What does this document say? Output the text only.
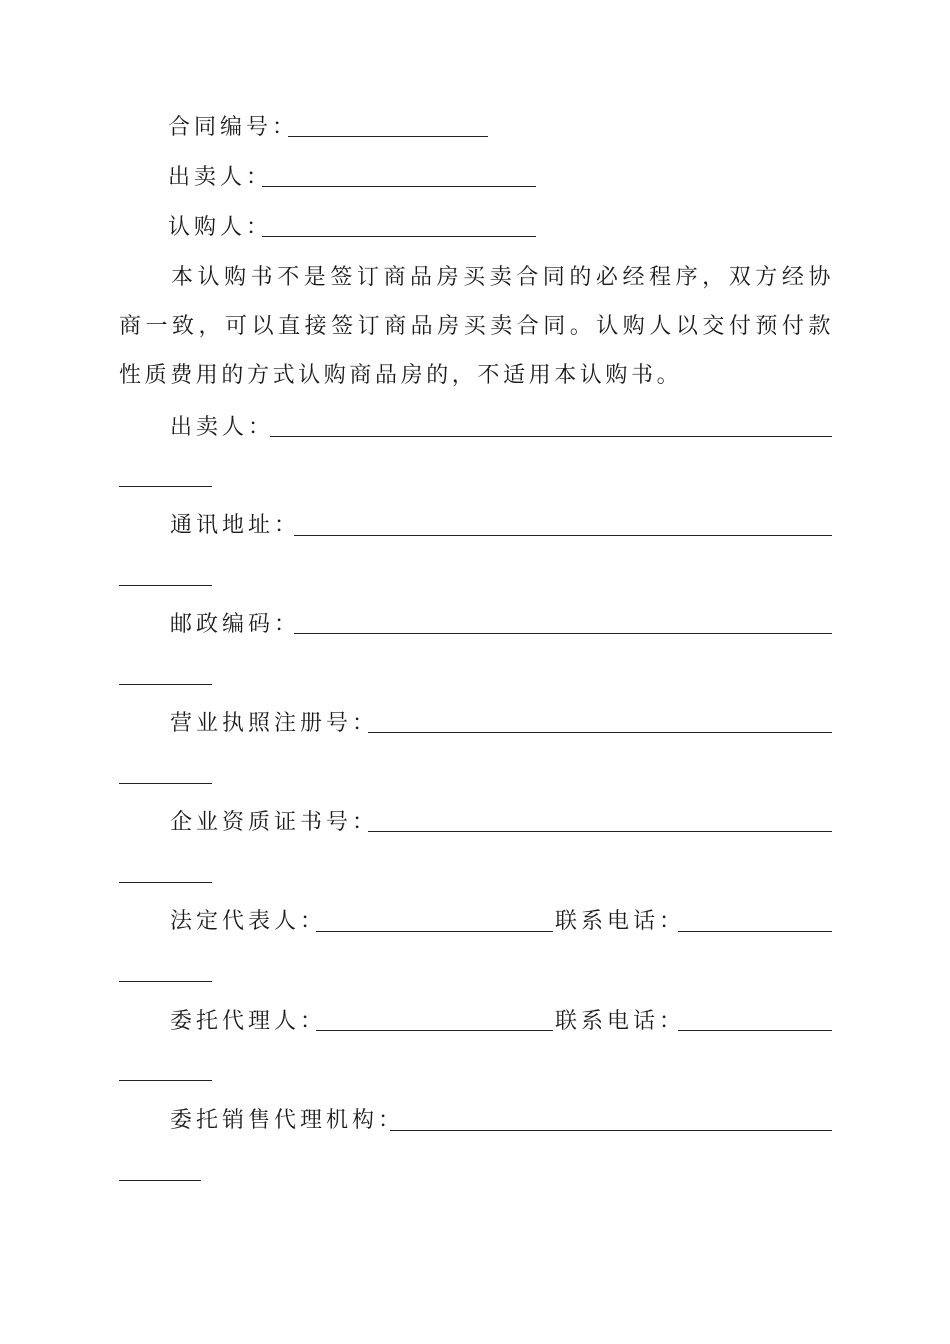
合同编号：
出卖人：
认购人：
本认购书不是签订商品房买卖合同的必经程序，双方经协商一致，可以直接签订商品房买卖合同。认购人以交付预付款性质费用的方式认购商品房的，不适用本认购书。
出卖人：
通讯地址：
邮政编码：
营业执照注册号：
企业资质证书号：
法定代表人：	联系电话：
委托代理人：	联系电话：
委托销售代理机构：
